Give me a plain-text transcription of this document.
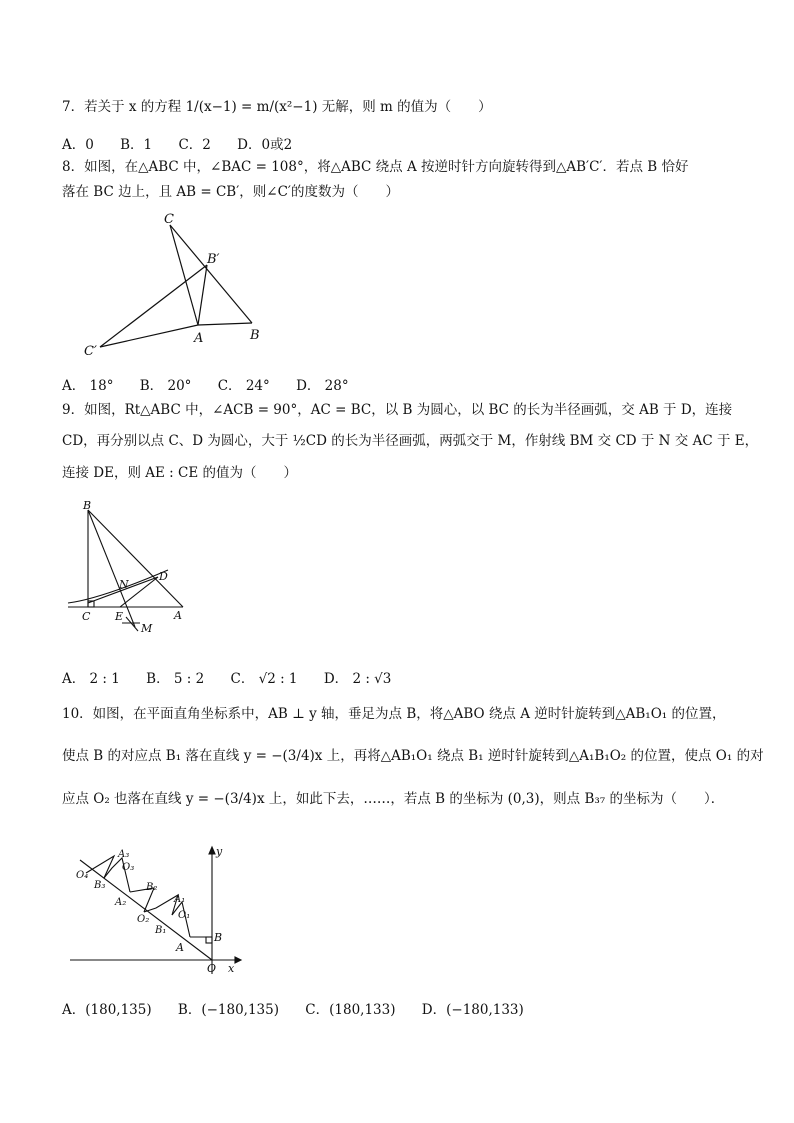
7．若关于 x 的方程 1/(x−1) = m/(x²−1) 无解，则 m 的值为（　　）
A．0 B．1 C．2 D．0或2
8．如图，在△ABC 中，∠BAC = 108°，将△ABC 绕点 A 按逆时针方向旋转得到△AB′C′．若点 B 恰好
落在 BC 边上，且 AB = CB′，则∠C′的度数为（　　）
C
B′
A	B
C′
A． 18° B． 20° C． 24° D． 28°
9．如图，Rt△ABC 中，∠ACB = 90°，AC = BC，以 B 为圆心，以 BC 的长为半径画弧，交 AB 于 D，连接
CD，再分别以点 C、D 为圆心，大于 ½CD 的长为半径画弧，两弧交于 M，作射线 BM 交 CD 于 N 交 AC 于 E，
连接 DE，则 AE : CE 的值为（　　）
B
D
N
C E	A
M
A． 2 : 1 B． 5 : 2 C． √2 : 1 D． 2 : √3
10．如图，在平面直角坐标系中，AB ⊥ y 轴，垂足为点 B，将△ABO 绕点 A 逆时针旋转到△AB₁O₁ 的位置，
使点 B 的对应点 B₁ 落在直线 y = −(3/4)x 上，再将△AB₁O₁ 绕点 B₁ 逆时针旋转到△A₁B₁O₂ 的位置，使点 O₁ 的对
应点 O₂ 也落在直线 y = −(3/4)x 上，如此下去，……，若点 B 的坐标为 (0,3)，则点 B₃₇ 的坐标为（　　）．
y
x
O
B
A
A₁
O₁
B₁
O₂
A₂
B₂
A₃
O₃
B₃
O₄
A．(180,135) B．(−180,135) C．(180,133) D．(−180,133)
